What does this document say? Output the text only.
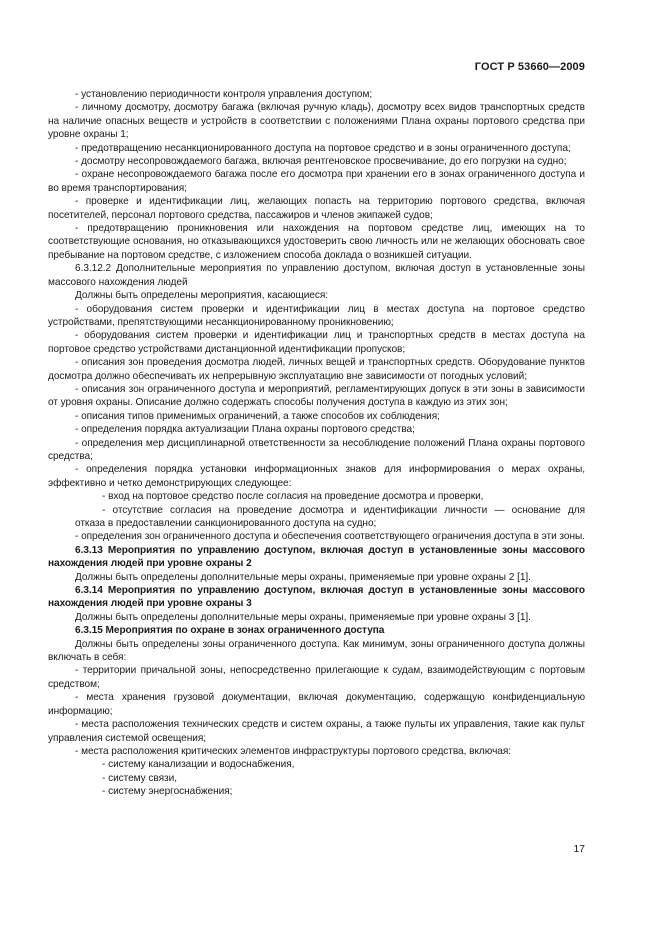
ГОСТ Р 53660—2009

- установлению периодичности контроля управления доступом;

- личному досмотру, досмотру багажа (включая ручную кладь), досмотру всех видов транспортных средств на наличие опасных веществ и устройств в соответствии с положениями Плана охраны портового средства при уровне охраны 1;

- предотвращению несанкционированного доступа на портовое средство и в зоны ограниченного доступа;

- досмотру несопровождаемого багажа, включая рентгеновское просвечивание, до его погрузки на судно;

- охране несопровождаемого багажа после его досмотра при хранении его в зонах ограниченного доступа и во время транспортирования;

- проверке и идентификации лиц, желающих попасть на территорию портового средства, включая посетителей, персонал портового средства, пассажиров и членов экипажей судов;

- предотвращению проникновения или нахождения на портовом средстве лиц, имеющих на то соответствующие основания, но отказывающихся удостоверить свою личность или не желающих обосновать свое пребывание на портовом средстве, с изложением способа доклада о возникшей ситуации.

6.3.12.2 Дополнительные мероприятия по управлению доступом, включая доступ в установленные зоны массового нахождения людей

Должны быть определены мероприятия, касающиеся:

- оборудования систем проверки и идентификации лиц в местах доступа на портовое средство устройствами, препятствующими несанкционированному проникновению;

- оборудования систем проверки и идентификации лиц и транспортных средств в местах доступа на портовое средство устройствами дистанционной идентификации пропусков;

- описания зон проведения досмотра людей, личных вещей и транспортных средств. Оборудование пунктов досмотра должно обеспечивать их непрерывную эксплуатацию вне зависимости от погодных условий;

- описания зон ограниченного доступа и мероприятий, регламентирующих допуск в эти зоны в зависимости от уровня охраны. Описание должно содержать способы получения доступа в каждую из этих зон;

- описания типов применимых ограничений, а также способов их соблюдения;

- определения порядка актуализации Плана охраны портового средства;

- определения мер дисциплинарной ответственности за несоблюдение положений Плана охраны портового средства;

- определения порядка установки информационных знаков для информирования о мерах охраны, эффективно и четко демонстрирующих следующее:

- вход на портовое средство после согласия на проведение досмотра и проверки,

- отсутствие согласия на проведение досмотра и идентификации личности — основание для

отказа в предоставлении санкционированного доступа на судно;

- определения зон ограниченного доступа и обеспечения соответствующего ограничения доступа в эти зоны.

6.3.13 Мероприятия по управлению доступом, включая доступ в установленные зоны массового нахождения людей при уровне охраны 2

Должны быть определены дополнительные меры охраны, применяемые при уровне охраны 2 [1].

6.3.14 Мероприятия по управлению доступом, включая доступ в установленные зоны массового нахождения людей при уровне охраны 3

Должны быть определены дополнительные меры охраны, применяемые при уровне охраны 3 [1].

6.3.15 Мероприятия по охране в зонах ограниченного доступа

Должны быть определены зоны ограниченного доступа. Как минимум, зоны ограниченного доступа должны включать в себя:

- территории причальной зоны, непосредственно прилегающие к судам, взаимодействующим с портовым средством;

- места хранения грузовой документации, включая документацию, содержащую конфиденциальную информацию;

- места расположения технических средств и систем охраны, а также пульты их управления, такие как пульт управления системой освещения;

- места расположения критических элементов инфраструктуры портового средства, включая:

- систему канализации и водоснабжения,

- систему связи,

- систему энергоснабжения;

17
